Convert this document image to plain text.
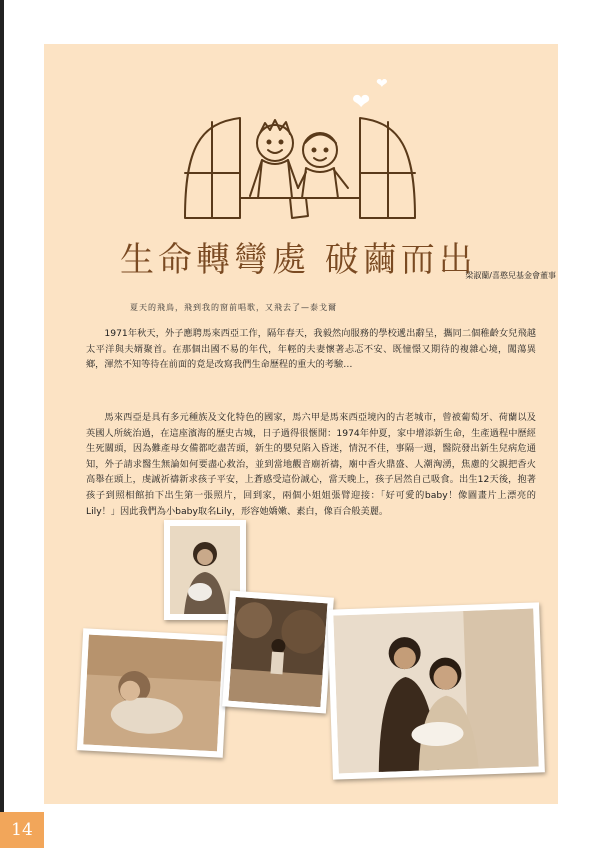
❤
❤
生命轉彎處 破繭而出
梁淑蘭/喜憨兒基金會董事
夏天的飛鳥，飛到我的窗前唱歌，又飛去了—泰戈爾

1971年秋天，外子應聘馬來西亞工作，隔年春天，我毅然向服務的學校遞出辭呈，攜同二個稚齡女兒飛越太平洋與夫婿聚首。在那個出國不易的年代，年輕的夫妻懷著忐忑不安、既憧憬又期待的複雜心境，闖蕩異鄉，渾然不知等待在前面的竟是改寫我們生命歷程的重大的考驗…

馬來西亞是具有多元種族及文化特色的國家，馬六甲是馬來西亞境內的古老城市，曾被葡萄牙、荷蘭以及英國人所統治過，在這座濱海的歷史古城，日子過得很愜閒：1974年仲夏，家中增添新生命，生產過程中歷經生死關頭，因為難產母女備都吃盡苦頭，新生的嬰兒陷入昏迷，情況不佳，事隔一週，醫院發出新生兒病危通知，外子請求醫生無論如何要盡心救治，並到當地觀音廟祈禱，廟中香火鼎盛、人潮洶湧，焦慮的父親把香火高舉在頭上，虔誠祈禱新求孩子平安，上蒼感受這份誠心，當天晚上，孩子居然自己吸食。出生12天後，抱著孩子到照相館拍下出生第一張照片，回到家，兩個小姐姐張臂迎接：「好可愛的baby！像圖畫片上漂亮的Lily！」因此我們為小baby取名Lily，形容她嬌嫩、素白，像百合般美麗。

14
